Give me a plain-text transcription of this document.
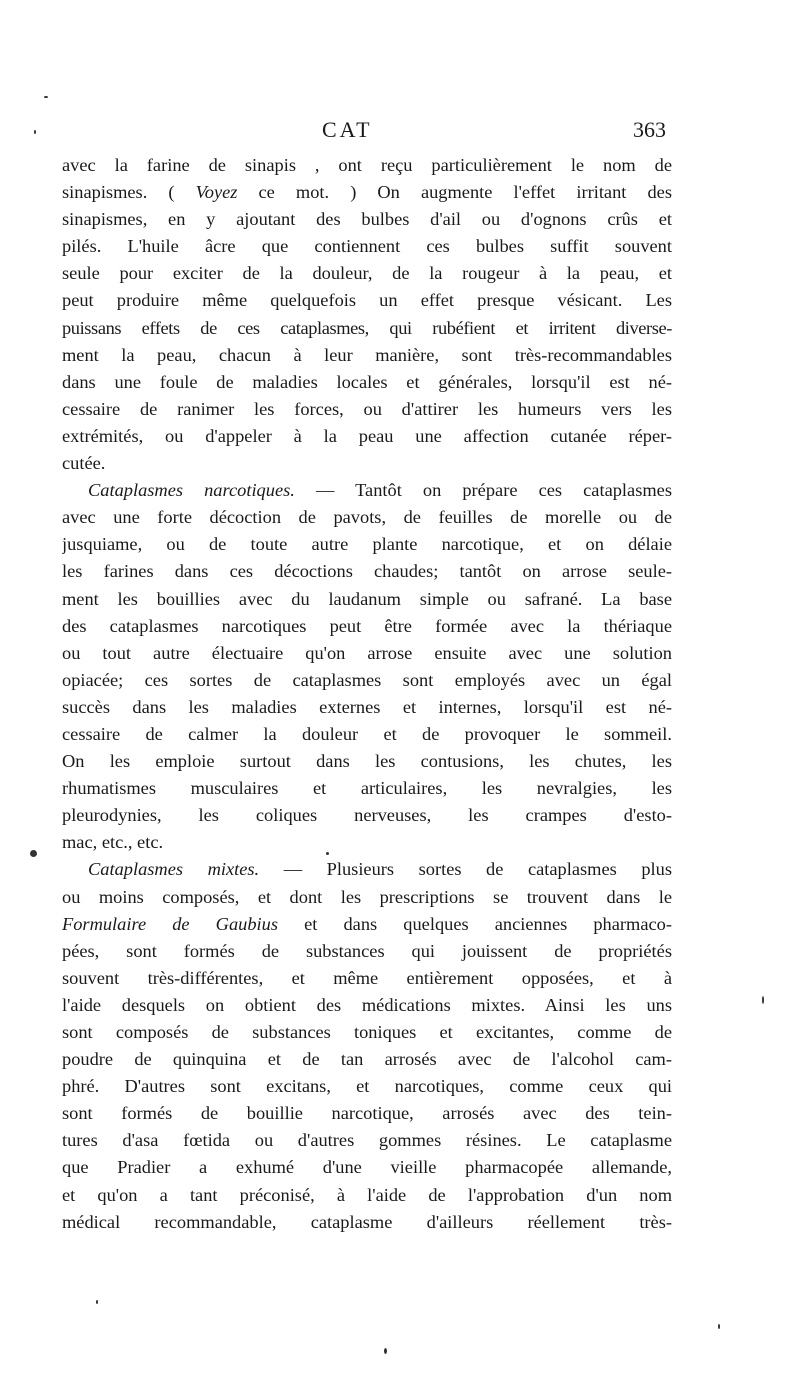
CAT	363
avec la farine de sinapis , ont reçu particulièrement le nom de
sinapismes. ( Voyez ce mot. ) On augmente l'effet irritant des
sinapismes, en y ajoutant des bulbes d'ail ou d'ognons crûs et
pilés. L'huile âcre que contiennent ces bulbes suffit souvent
seule pour exciter de la douleur, de la rougeur à la peau, et
peut produire même quelquefois un effet presque vésicant. Les
puissans effets de ces cataplasmes, qui rubéfient et irritent diverse-
ment la peau, chacun à leur manière, sont très-recommandables
dans une foule de maladies locales et générales, lorsqu'il est né-
cessaire de ranimer les forces, ou d'attirer les humeurs vers les
extrémités, ou d'appeler à la peau une affection cutanée réper-
cutée.
Cataplasmes narcotiques. — Tantôt on prépare ces cataplasmes
avec une forte décoction de pavots, de feuilles de morelle ou de
jusquiame, ou de toute autre plante narcotique, et on délaie
les farines dans ces décoctions chaudes; tantôt on arrose seule-
ment les bouillies avec du laudanum simple ou safrané. La base
des cataplasmes narcotiques peut être formée avec la thériaque
ou tout autre électuaire qu'on arrose ensuite avec une solution
opiacée; ces sortes de cataplasmes sont employés avec un égal
succès dans les maladies externes et internes, lorsqu'il est né-
cessaire de calmer la douleur et de provoquer le sommeil.
On les emploie surtout dans les contusions, les chutes, les
rhumatismes musculaires et articulaires, les nevralgies, les
pleurodynies, les coliques nerveuses, les crampes d'esto-
mac, etc., etc.
Cataplasmes mixtes. — Plusieurs sortes de cataplasmes plus
ou moins composés, et dont les prescriptions se trouvent dans le
Formulaire de Gaubius et dans quelques anciennes pharmaco-
pées, sont formés de substances qui jouissent de propriétés
souvent très-différentes, et même entièrement opposées, et à
l'aide desquels on obtient des médications mixtes. Ainsi les uns
sont composés de substances toniques et excitantes, comme de
poudre de quinquina et de tan arrosés avec de l'alcohol cam-
phré. D'autres sont excitans, et narcotiques, comme ceux qui
sont formés de bouillie narcotique, arrosés avec des tein-
tures d'asa fœtida ou d'autres gommes résines. Le cataplasme
que Pradier a exhumé d'une vieille pharmacopée allemande,
et qu'on a tant préconisé, à l'aide de l'approbation d'un nom
médical recommandable, cataplasme d'ailleurs réellement très-
